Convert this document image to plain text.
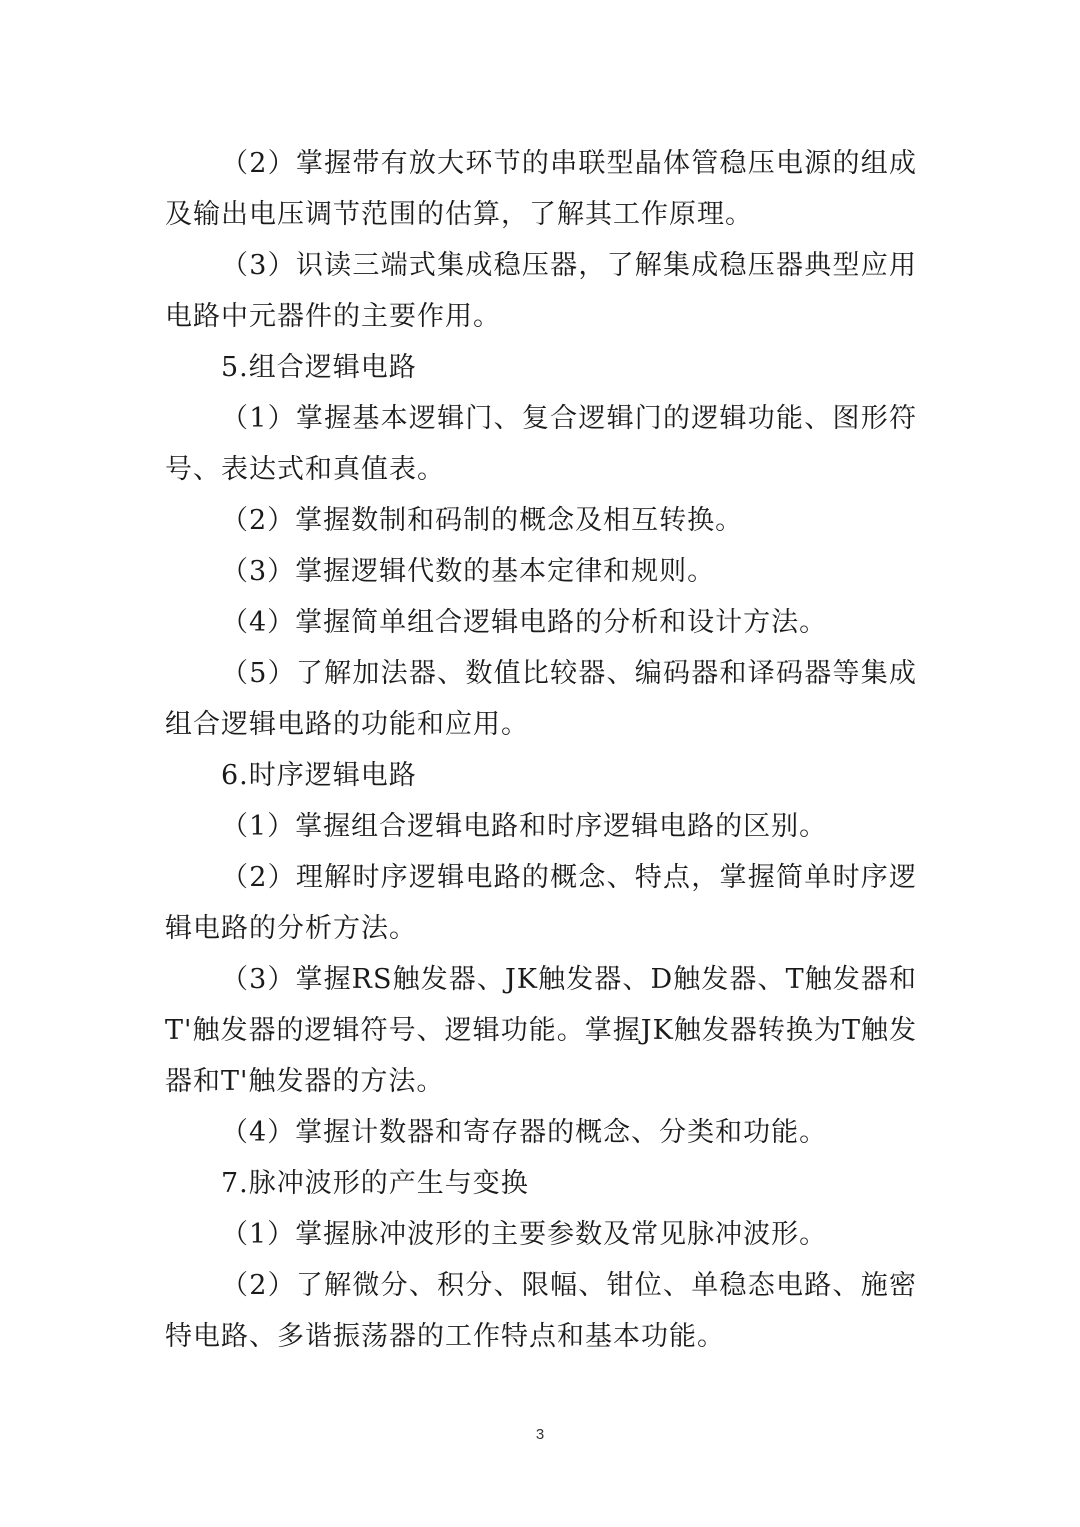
（2）掌握带有放大环节的串联型晶体管稳压电源的组成及输出电压调节范围的估算，了解其工作原理。

（3）识读三端式集成稳压器，了解集成稳压器典型应用电路中元器件的主要作用。

5.组合逻辑电路

（1）掌握基本逻辑门、复合逻辑门的逻辑功能、图形符号、表达式和真值表。

（2）掌握数制和码制的概念及相互转换。

（3）掌握逻辑代数的基本定律和规则。

（4）掌握简单组合逻辑电路的分析和设计方法。

（5）了解加法器、数值比较器、编码器和译码器等集成组合逻辑电路的功能和应用。

6.时序逻辑电路

（1）掌握组合逻辑电路和时序逻辑电路的区别。

（2）理解时序逻辑电路的概念、特点，掌握简单时序逻辑电路的分析方法。

（3）掌握RS触发器、JK触发器、D触发器、T触发器和T'触发器的逻辑符号、逻辑功能。掌握JK触发器转换为T触发器和T'触发器的方法。

（4）掌握计数器和寄存器的概念、分类和功能。

7.脉冲波形的产生与变换

（1）掌握脉冲波形的主要参数及常见脉冲波形。

（2）了解微分、积分、限幅、钳位、单稳态电路、施密特电路、多谐振荡器的工作特点和基本功能。

3
